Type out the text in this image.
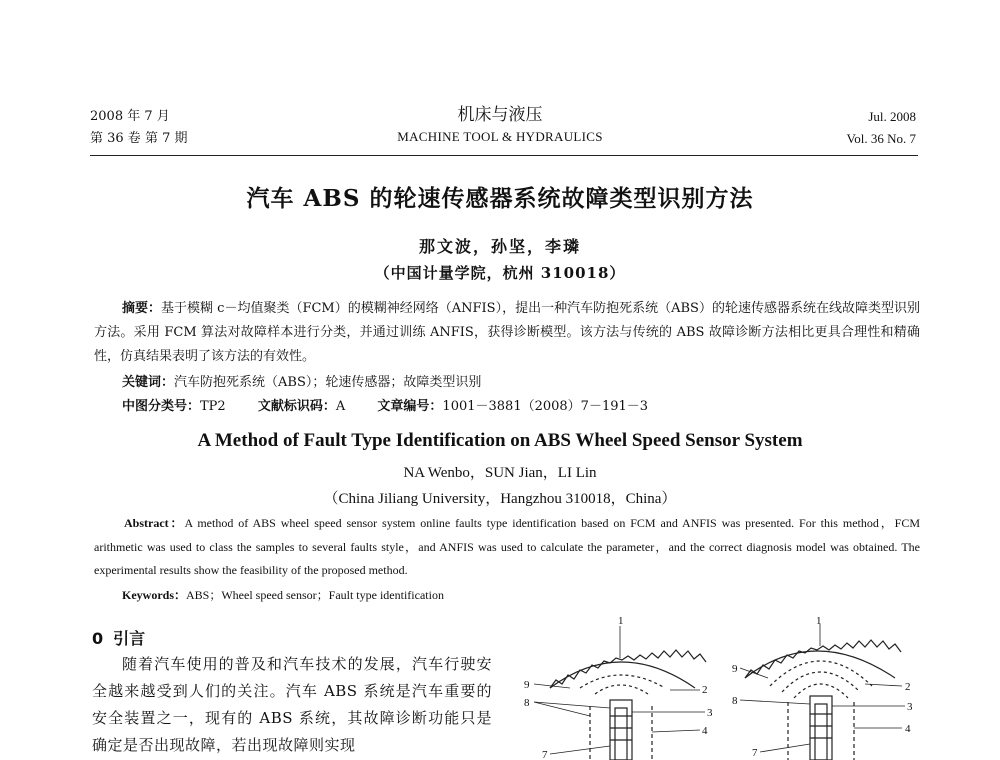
2008 年 7 月
第 36 卷 第 7 期
机床与液压
MACHINE TOOL & HYDRAULICS
Jul. 2008
Vol. 36 No. 7
汽车 ABS 的轮速传感器系统故障类型识别方法
那文波，孙坚，李璘
（中国计量学院，杭州 310018）
摘要：基于模糊 c－均值聚类（FCM）的模糊神经网络（ANFIS），提出一种汽车防抱死系统（ABS）的轮速传感器系统在线故障类型识别方法。采用 FCM 算法对故障样本进行分类，并通过训练 ANFIS，获得诊断模型。该方法与传统的 ABS 故障诊断方法相比更具合理性和精确性，仿真结果表明了该方法的有效性。
关键词：汽车防抱死系统（ABS）；轮速传感器；故障类型识别
中图分类号：TP2 文献标识码：A 文章编号：1001－3881（2008）7－191－3
A Method of Fault Type Identification on ABS Wheel Speed Sensor System
NA Wenbo，SUN Jian，LI Lin
（China Jiliang University，Hangzhou 310018，China）
Abstract：A method of ABS wheel speed sensor system online faults type identification based on FCM and ANFIS was presented. For this method，FCM arithmetic was used to class the samples to several faults style，and ANFIS was used to calculate the parameter，and the correct diagnosis model was obtained. The experimental results show the feasibility of the proposed method.
Keywords：ABS；Wheel speed sensor；Fault type identification
0 引言
随着汽车使用的普及和汽车技术的发展，汽车行驶安全越来越受到人们的关注。汽车 ABS 系统是汽车重要的安全装置之一，现有的 ABS 系统，其故障诊断功能只是确定是否出现故障，若出现故障则实现
1
2
3
4
7
8
9
1
2
3
4
7
8
9
